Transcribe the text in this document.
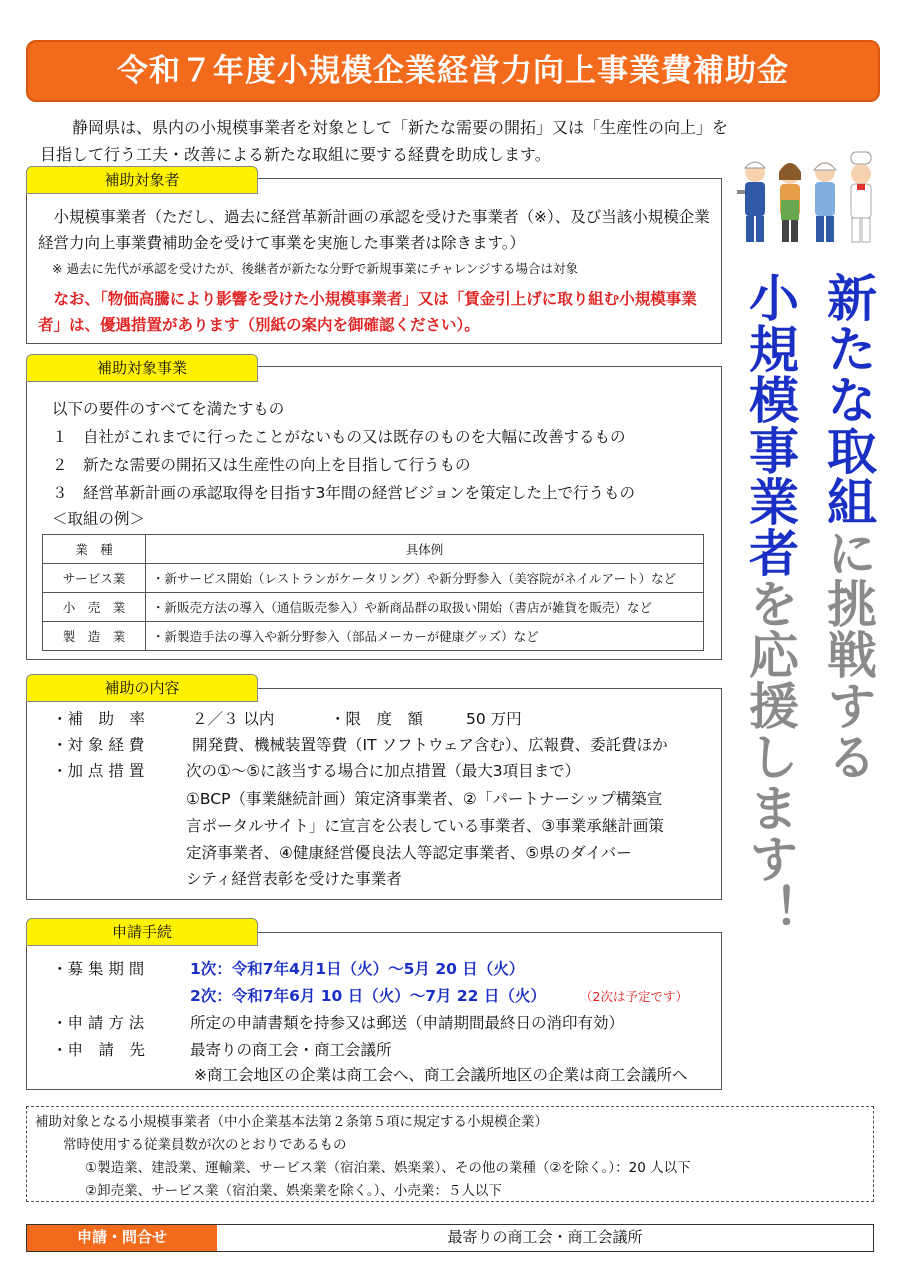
令和７年度小規模企業経営力向上事業費補助金
静岡県は、県内の小規模事業者を対象として「新たな需要の開拓」又は「生産性の向上」を目指して行う工夫・改善による新たな取組に要する経費を助成します。
新たな取組に挑戦する
小規模事業者を応援します！
補助対象者
小規模事業者（ただし、過去に経営革新計画の承認を受けた事業者（※）、及び当該小規模企業経営力向上事業費補助金を受けて事業を実施した事業者は除きます。）
※ 過去に先代が承認を受けたが、後継者が新たな分野で新規事業にチャレンジする場合は対象
なお、「物価高騰により影響を受けた小規模事業者」又は「賃金引上げに取り組む小規模事業者」は、優遇措置があります（別紙の案内を御確認ください）。
補助対象事業
以下の要件のすべてを満たすもの
１　自社がこれまでに行ったことがないもの又は既存のものを大幅に改善するもの
２　新たな需要の開拓又は生産性の向上を目指して行うもの
３　経営革新計画の承認取得を目指す3年間の経営ビジョンを策定した上で行うもの
＜取組の例＞
業　種	具体例
サービス業	・新サービス開始（レストランがケータリング）や新分野参入（美容院がネイルアート）など
小　売　業	・新販売方法の導入（通信販売参入）や新商品群の取扱い開始（書店が雑貨を販売）など
製　造　業	・新製造手法の導入や新分野参入（部品メーカーが健康グッズ）など
補助の内容
・補　助　率	２／３ 以内	・限　度　額	50 万円
・対 象 経 費	開発費、機械装置等費（IT ソフトウェア含む）、広報費、委託費ほか
・加 点 措 置	次の①～⑤に該当する場合に加点措置（最大3項目まで）
①BCP（事業継続計画）策定済事業者、②「パートナーシップ構築宣
言ポータルサイト」に宣言を公表している事業者、③事業承継計画策
定済事業者、④健康経営優良法人等認定事業者、⑤県のダイバー
シティ経営表彰を受けた事業者
申請手続
・募 集 期 間	1次：令和7年4月1日（火）～5月 20 日（火）
2次：令和7年6月 10 日（火）～7月 22 日（火）	（2次は予定です）
・申 請 方 法	所定の申請書類を持参又は郵送（申請期間最終日の消印有効）
・申　請　先	最寄りの商工会・商工会議所
※商工会地区の企業は商工会へ、商工会議所地区の企業は商工会議所へ
補助対象となる小規模事業者（中小企業基本法第２条第５項に規定する小規模企業）
常時使用する従業員数が次のとおりであるもの
①製造業、建設業、運輸業、サービス業（宿泊業、娯楽業）、その他の業種（②を除く。）：20 人以下
②卸売業、サービス業（宿泊業、娯楽業を除く。）、小売業：５人以下
申請・問合せ	最寄りの商工会・商工会議所
